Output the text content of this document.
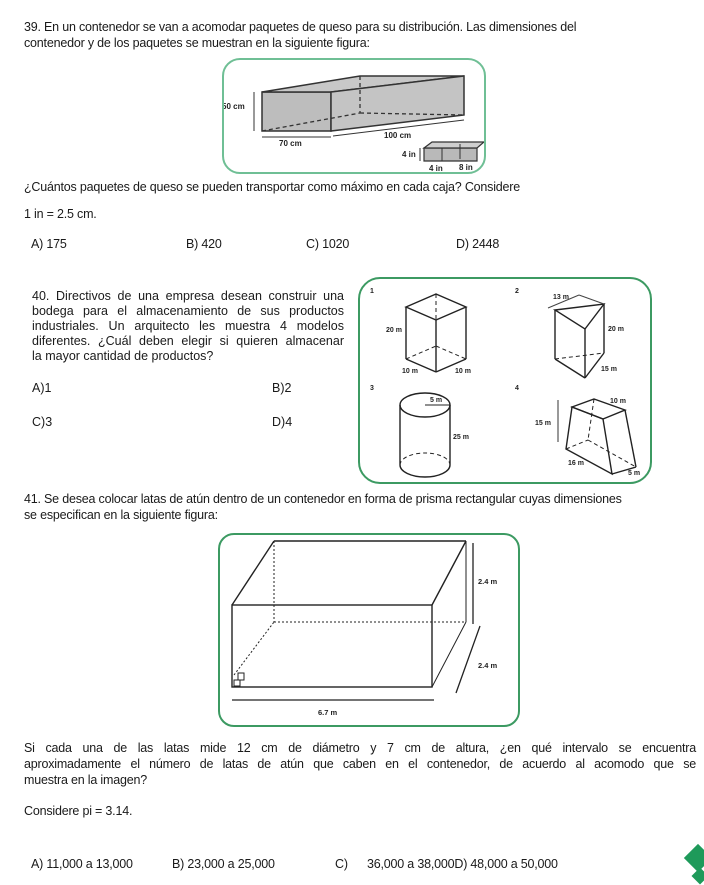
39. En un contenedor se van a acomodar paquetes de queso para su distribución. Las dimensiones del
contenedor y de los paquetes se muestran en la siguiente figura:
50 cm
70 cm
100 cm
4 in
4 in 8 in
¿Cuántos paquetes de queso se pueden transportar como máximo en cada caja? Considere
1 in = 2.5 cm.
A) 175	B) 420	C) 1020	D) 2448
40. Directivos de una empresa desean construir una
bodega para el almacenamiento de sus productos
industriales. Un arquitecto les muestra 4 modelos
diferentes. ¿Cuál deben elegir si quieren almacenar
la mayor cantidad de productos?
A)1	B)2
C)3	D)4
1
20 m
10 m	10 m
2
13 m
20 m
15 m
3
5 m
25 m
4
15 m
10 m
16 m
5 m
41. Se desea colocar latas de atún dentro de un contenedor en forma de prisma rectangular cuyas dimensiones
se especifican en la siguiente figura:
2.4 m
2.4 m
6.7 m
Si cada una de las latas mide 12 cm de diámetro y 7 cm de altura, ¿en qué intervalo se encuentra
aproximadamente el número de latas de atún que caben en el contenedor, de acuerdo al acomodo que se
muestra en la imagen?
Considere pi = 3.14.
A) 11,000 a 13,000	B) 23,000 a 25,000	C) 36,000 a 38,000D) 48,000 a 50,000
